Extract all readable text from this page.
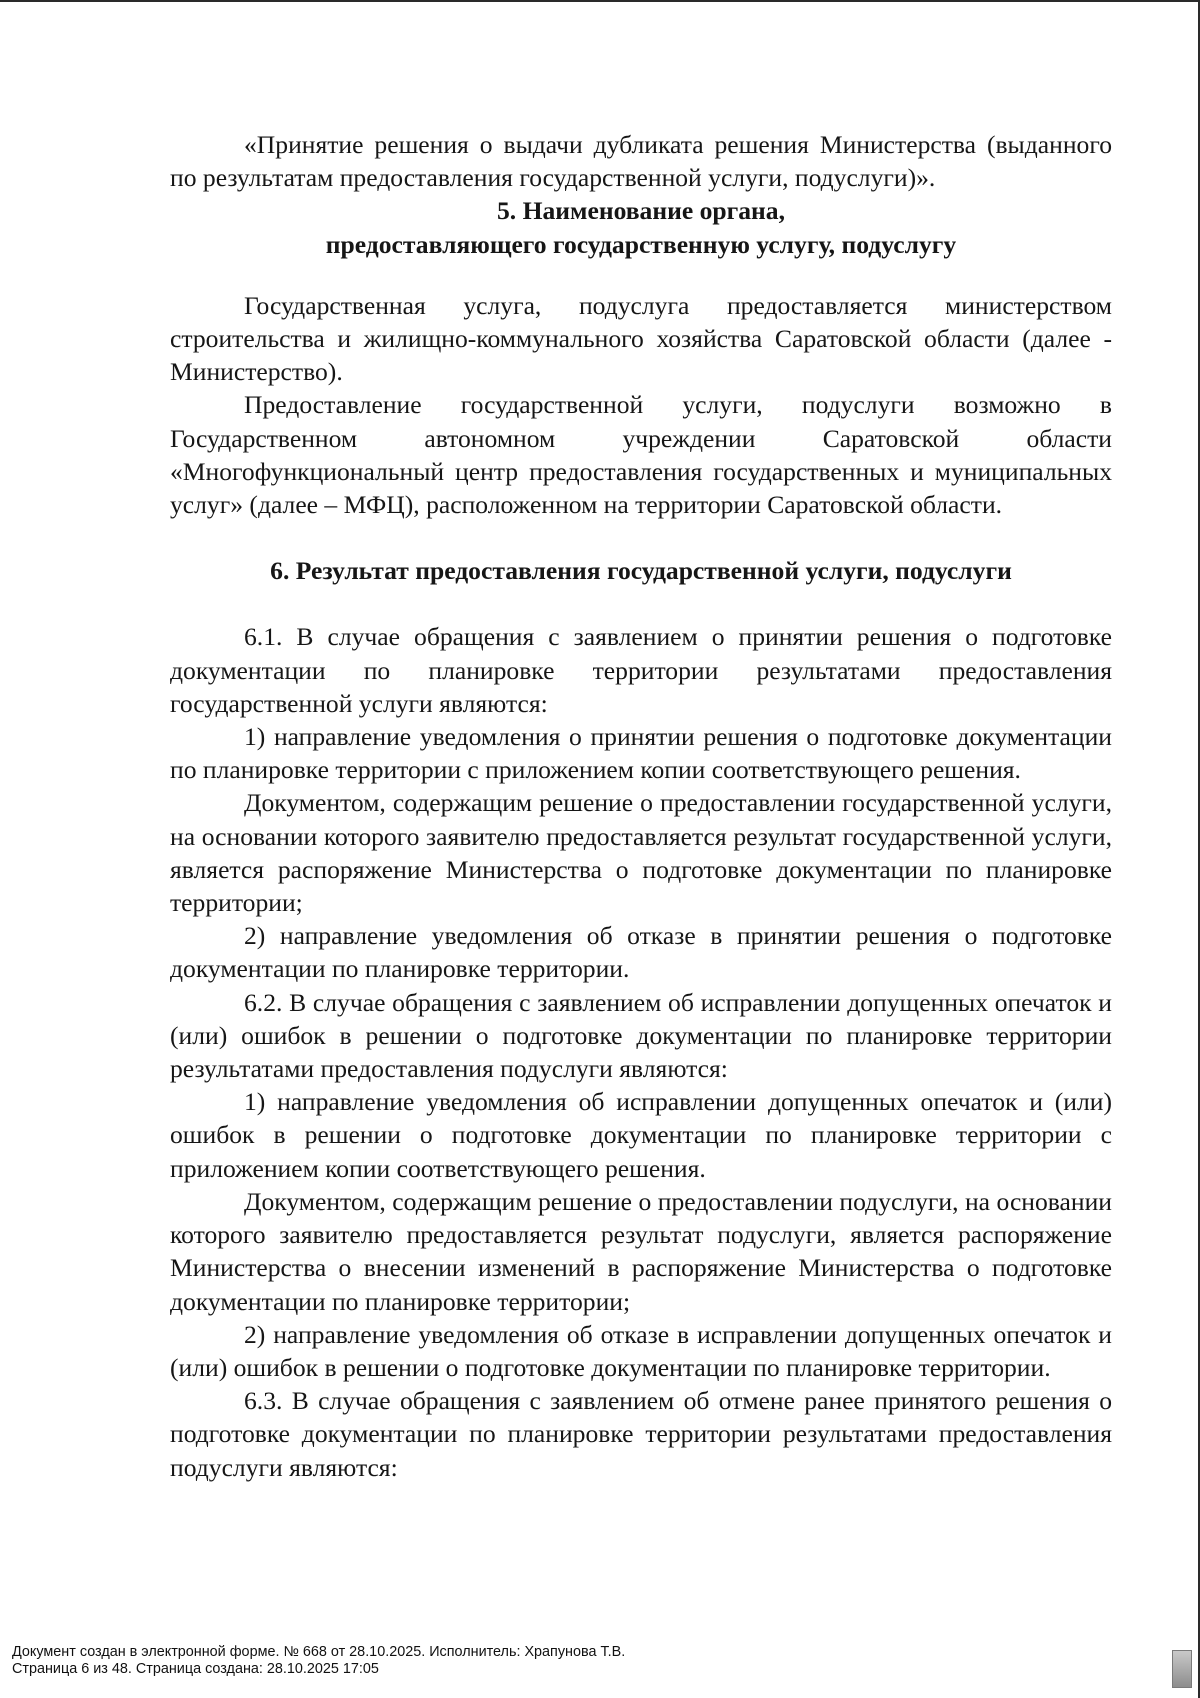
«Принятие решения о выдачи дубликата решения Министерства (выданного по результатам предоставления государственной услуги, подуслуги)».

5. Наименование органа,
предоставляющего государственную услугу, подуслугу

Государственная услуга, подуслуга предоставляется министерством строительства и жилищно-коммунального хозяйства Саратовской области (далее - Министерство).

Предоставление государственной услуги, подуслуги возможно в Государственном автономном учреждении Саратовской области «Многофункциональный центр предоставления государственных и муниципальных услуг» (далее – МФЦ), расположенном на территории Саратовской области.

6. Результат предоставления государственной услуги, подуслуги

6.1. В случае обращения с заявлением о принятии решения о подготовке документации по планировке территории результатами предоставления государственной услуги являются:

1) направление уведомления о принятии решения о подготовке документации по планировке территории с приложением копии соответствующего решения.

Документом, содержащим решение о предоставлении государственной услуги, на основании которого заявителю предоставляется результат государственной услуги, является распоряжение Министерства о подготовке документации по планировке территории;

2) направление уведомления об отказе в принятии решения о подготовке документации по планировке территории.

6.2. В случае обращения с заявлением об исправлении допущенных опечаток и (или) ошибок в решении о подготовке документации по планировке территории результатами предоставления подуслуги являются:

1) направление уведомления об исправлении допущенных опечаток и (или) ошибок в решении о подготовке документации по планировке территории с приложением копии соответствующего решения.

Документом, содержащим решение о предоставлении подуслуги, на основании которого заявителю предоставляется результат подуслуги, является распоряжение Министерства о внесении изменений в распоряжение Министерства о подготовке документации по планировке территории;

2) направление уведомления об отказе в исправлении допущенных опечаток и (или) ошибок в решении о подготовке документации по планировке территории.

6.3. В случае обращения с заявлением об отмене ранее принятого решения о подготовке документации по планировке территории результатами предоставления подуслуги являются:

Документ создан в электронной форме. № 668 от 28.10.2025. Исполнитель: Храпунова Т.В.
Страница 6 из 48. Страница создана: 28.10.2025 17:05
